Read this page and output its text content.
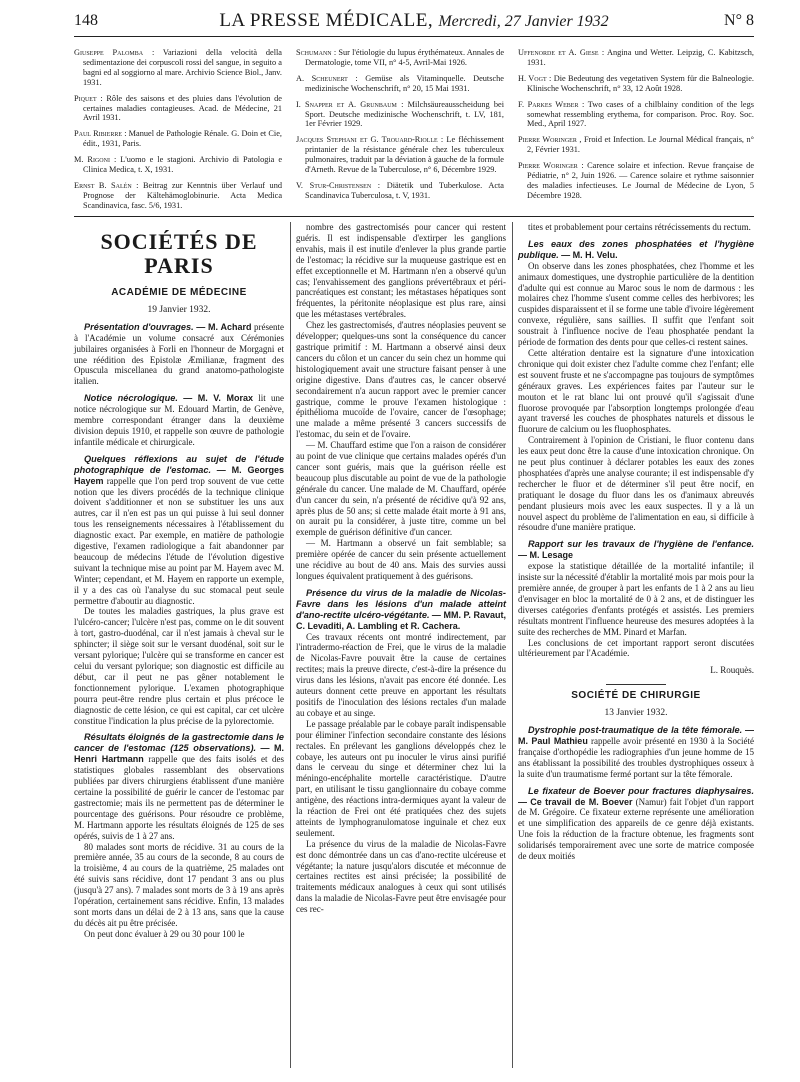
148	LA PRESSE MÉDICALE, Mercredi, 27 Janvier 1932	N° 8

Giuseppe Palomba : Variazioni della velocità della sedimentazione dei corpuscoli rossi del sangue, in seguito a bagni ed al soggiorno al mare. Archivio Science Biol., Janv. 1931.

Piquet : Rôle des saisons et des pluies dans l'évolution de certaines maladies contagieuses. Acad. de Médecine, 21 Avril 1931.

Paul Ribierre : Manuel de Pathologie Rénale. G. Doin et Cie, édit., 1931, Paris.

M. Rigoni : L'uomo e le stagioni. Archivio di Patologia e Clinica Medica, t. X, 1931.

Ernst B. Salén : Beitrag zur Kenntnis über Verlauf und Prognose der Kältehämoglobinurie. Acta Medica Scandinavica, fasc. 5/6, 1931.

Schumann : Sur l'étiologie du lupus érythémateux. Annales de Dermatologie, tome VII, n° 4-5, Avril-Mai 1926.

A. Scheunert : Gemüse als Vitaminquelle. Deutsche medizinische Wochenschrift, n° 20, 15 Mai 1931.

I. Snapper et A. Grunbaum : Milchsäureausscheidung bei Sport. Deutsche medizinische Wochenschrift, t. LV, 181, 1er Février 1929.

Jacques Stephani et G. Trouard-Riolle : Le fléchissement printanier de la résistance générale chez les tuberculeux pulmonaires, traduit par la déviation à gauche de la formule d'Arneth. Revue de la Tuberculose, n° 6, Décembre 1929.

V. Stur-Christensen : Diätetik und Tuberkulose. Acta Scandinavica Tuberculosa, t. V, 1931.

Uffenorde et A. Giese : Angina und Wetter. Leipzig, C. Kabitzsch, 1931.

H. Vogt : Die Bedeutung des vegetativen System für die Balneologie. Klinische Wochenschrift, n° 33, 12 Août 1928.

F. Parkes Weber : Two cases of a chilblainy condition of the legs somewhat ressembling erythema, for comparison. Proc. Roy. Soc. Med., April 1927.

Pierre Woringer , Froid et Infection. Le Journal Médical français, n° 2, Février 1931.

Pierre Woringer : Carence solaire et infection. Revue française de Pédiatrie, n° 2, Juin 1926. — Carence solaire et rythme saisonnier des maladies infectieuses. Le Journal de Médecine de Lyon, 5 Décembre 1928.

SOCIÉTÉS DE PARIS
ACADÉMIE DE MÉDECINE
19 Janvier 1932.

Présentation d'ouvrages. — M. Achard présente à l'Académie un volume consacré aux Cérémonies jubilaires organisées à Forli en l'honneur de Morgagni et une réédition des Epistolæ Æmilianæ, fragment des Opuscula miscellanea du grand anatomo-pathologiste italien.

Notice nécrologique. — M. V. Morax lit une notice nécrologique sur M. Edouard Martin, de Genève, membre correspondant étranger dans la deuxième division depuis 1910, et rappelle son œuvre de pathologie infantile médicale et chirurgicale.

Quelques réflexions au sujet de l'étude photographique de l'estomac. — M. Georges Hayem rappelle que l'on perd trop souvent de vue cette notion que les divers procédés de la technique clinique doivent s'additionner et non se substituer les uns aux autres, car il n'en est pas un qui puisse à lui seul donner tous les renseignements nécessaires à l'établissement du diagnostic exact. Par exemple, en matière de pathologie digestive, l'examen radiologique a fait abandonner par beaucoup de médecins l'étude de l'évolution digestive suivant la technique mise au point par M. Hayem avec M. Winter; cependant, et M. Hayem en rapporte un exemple, il y a des cas où l'analyse du suc stomacal peut seule permettre d'aboutir au diagnostic.

De toutes les maladies gastriques, la plus grave est l'ulcéro-cancer; l'ulcère n'est pas, comme on le dit souvent à tort, gastro-duodénal, car il n'est jamais à cheval sur le sphincter; il siège soit sur le versant duodénal, soit sur le versant pylorique; l'ulcère qui se transforme en cancer est celui du versant pylorique; son diagnostic est difficile au début, car il peut ne pas gêner notablement le fonctionnement pylorique. L'examen photographique pourra peut-être rendre plus certain et plus précoce le diagnostic de cette lésion, ce qui est capital, car cet ulcère constitue l'indication la plus précise de la pylorectomie.

Résultats éloignés de la gastrectomie dans le cancer de l'estomac (125 observations). — M. Henri Hartmann rappelle que des faits isolés et des statistiques globales rassemblant des observations publiées par divers chirurgiens établissent d'une manière certaine la possibilité de guérir le cancer de l'estomac par gastrectomie; mais ils ne permettent pas de déterminer le pourcentage des guérisons. Pour résoudre ce problème, M. Hartmann apporte les résultats éloignés de 125 de ses opérés, suivis de 1 à 27 ans.

80 malades sont morts de récidive. 31 au cours de la première année, 35 au cours de la seconde, 8 au cours de la troisième, 4 au cours de la quatrième, 25 malades ont été suivis sans récidive, dont 17 pendant 3 ans ou plus (jusqu'à 27 ans). 7 malades sont morts de 3 à 19 ans après l'opération, certainement sans récidive. Enfin, 13 malades sont morts dans un délai de 2 à 13 ans, sans que la cause du décès ait pu être précisée.

On peut donc évaluer à 29 ou 30 pour 100 le

nombre des gastrectomisés pour cancer qui restent guéris. Il est indispensable d'extirper les ganglions envahis, mais il est inutile d'enlever la plus grande partie de l'estomac; la récidive sur la muqueuse gastrique est en effet exceptionnelle et M. Hartmann n'en a observé qu'un cas; l'envahissement des ganglions prévertébraux et péri-pancréatiques est constant; les métastases hépatiques sont fréquentes, la péritonite néoplasique est plus rare, ainsi que les métastases vertébrales.

Chez les gastrectomisés, d'autres néoplasies peuvent se développer; quelques-uns sont la conséquence du cancer gastrique primitif : M. Hartmann a observé ainsi deux cancers du côlon et un cancer du sein chez un homme qui histologiquement avait une structure faisant penser à une origine digestive. Dans d'autres cas, le cancer observé secondairement n'a aucun rapport avec le premier cancer gastrique, comme le prouve l'examen histologique : épithélioma mucoïde de l'ovaire, cancer de l'œsophage; une malade a même présenté 3 cancers successifs de l'estomac, du sein et de l'ovaire.

— M. Chauffard estime que l'on a raison de considérer au point de vue clinique que certains malades opérés d'un cancer sont guéris, mais que la guérison réelle est beaucoup plus discutable au point de vue de la pathologie générale du cancer. Une malade de M. Chauffard, opérée d'un cancer du sein, n'a présenté de récidive qu'à 92 ans, après plus de 50 ans; si cette malade était morte à 91 ans, on aurait pu la considérer, à juste titre, comme un bel exemple de guérison définitive d'un cancer.

— M. Hartmann a observé un fait semblable; sa première opérée de cancer du sein présente actuellement une récidive au bout de 40 ans. Mais des survies aussi longues équivalent pratiquement à des guérisons.

Présence du virus de la maladie de Nicolas-Favre dans les lésions d'un malade atteint d'ano-rectite ulcéro-végétante. — MM. P. Ravaut, C. Levaditi, A. Lambling et R. Cachera.

Ces travaux récents ont montré indirectement, par l'intradermo-réaction de Frei, que le virus de la maladie de Nicolas-Favre pouvait être la cause de certaines rectites; mais la preuve directe, c'est-à-dire la présence du virus dans les lésions, n'avait pas encore été donnée. Les auteurs donnent cette preuve en apportant les résultats positifs de l'inoculation des lésions rectales d'un malade au cobaye et au singe.

Le passage préalable par le cobaye paraît indispensable pour éliminer l'infection secondaire constante des lésions rectales. En prélevant les ganglions développés chez le cobaye, les auteurs ont pu inoculer le virus ainsi purifié dans le cerveau du singe et déterminer chez lui la méningo-encéphalite mortelle caractéristique. D'autre part, en utilisant le tissu ganglionnaire du cobaye comme antigène, des réactions intra-dermiques ayant la valeur de la réaction de Frei ont été pratiquées chez des sujets atteints de lymphogranulomatose inguinale et chez eux seulement.

La présence du virus de la maladie de Nicolas-Favre est donc démontrée dans un cas d'ano-rectite ulcéreuse et végétante; la nature jusqu'alors discutée et méconnue de certaines rectites est ainsi précisée; la possibilité de traitements médicaux analogues à ceux qui sont utilisés dans la maladie de Nicolas-Favre peut être envisagée pour ces rec-

tites et probablement pour certains rétrécissements du rectum.

Les eaux des zones phosphatées et l'hygiène publique. — M. H. Velu.

On observe dans les zones phosphatées, chez l'homme et les animaux domestiques, une dystrophie particulière de la dentition d'adulte qui est connue au Maroc sous le nom de darmous : les molaires chez l'homme s'usent comme celles des herbivores; les cuspides disparaissent et il se forme une table d'ivoire légèrement convexe, régulière, sans saillies. Il suffit que l'enfant soit soustrait à l'influence nocive de l'eau phosphatée pendant la période de formation des dents pour que celles-ci restent saines.

Cette altération dentaire est la signature d'une intoxication chronique qui doit exister chez l'adulte comme chez l'enfant; elle est souvent fruste et ne s'accompagne pas toujours de symptômes généraux graves. Les expériences faites par l'auteur sur le mouton et le rat blanc lui ont prouvé qu'il s'agissait d'une fluorose provoquée par l'absorption longtemps prolongée d'eau ayant traversé les couches de phosphates naturels et dissous le fluorure de calcium ou les fluophosphates.

Contrairement à l'opinion de Cristiani, le fluor contenu dans les eaux peut donc être la cause d'une intoxication chronique. On ne peut plus continuer à déclarer potables les eaux des zones phosphatées d'après une analyse courante; il est indispensable d'y rechercher le fluor et de déterminer s'il peut être nocif, en pratiquant le dosage du fluor dans les os d'animaux abreuvés pendant plusieurs mois avec les eaux suspectes. Il y a là un nouvel aspect du problème de l'alimentation en eau, si difficile à résoudre d'une manière pratique.

Rapport sur les travaux de l'hygiène de l'enfance. — M. Lesage

expose la statistique détaillée de la mortalité infantile; il insiste sur la nécessité d'établir la mortalité mois par mois pour la première année, de grouper à part les enfants de 1 à 2 ans au lieu d'envisager en bloc la mortalité de 0 à 2 ans, et de distinguer les diverses catégories d'enfants protégés et assistés. Les premiers résultats montrent l'influence heureuse des mesures adoptées à la suite des recherches de MM. Pinard et Marfan.

Les conclusions de cet important rapport seront discutées ultérieurement par l'Académie.

L. Rouquès.
SOCIÉTÉ DE CHIRURGIE
13 Janvier 1932.

Dystrophie post-traumatique de la tête fémorale. — M. Paul Mathieu rappelle avoir présenté en 1930 à la Société française d'orthopédie les radiographies d'un jeune homme de 15 ans établissant la possibilité des troubles dystrophiques osseux à la suite d'un traumatisme fermé portant sur la tête fémorale.

Le fixateur de Boever pour fractures diaphysaires. — Ce travail de M. Boever (Namur) fait l'objet d'un rapport de M. Grégoire. Ce fixateur externe représente une amélioration et une simplification des appareils de ce genre déjà existants. Une fois la réduction de la fracture obtenue, les fragments sont solidarisés temporairement avec une sorte de matrice composée de deux moitiés
